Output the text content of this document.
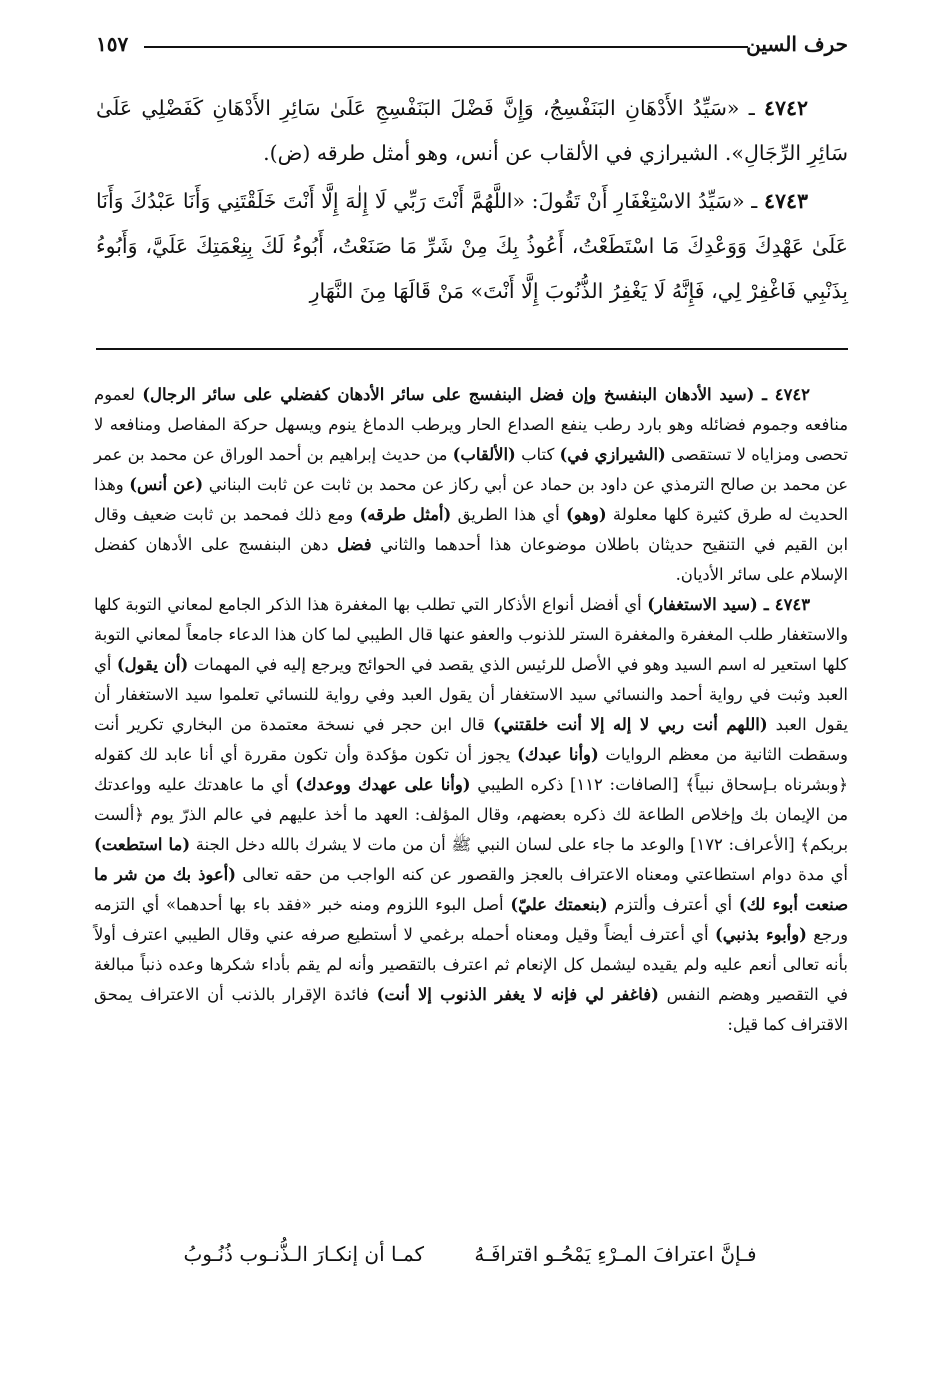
حرف السين
١٥٧

٤٧٤٢ ـ «سَيِّدُ الأَدْهَانِ البَنَفْسِجُ، وَإِنَّ فَضْلَ البَنَفْسِجِ عَلَىٰ سَائِرِ الأَدْهَانِ كَفَضْلِي عَلَىٰ سَائِرِ الرِّجَالِ». الشيرازي في الألقاب عن أنس، وهو أمثل طرقه (ض).

٤٧٤٣ ـ «سَيِّدُ الاسْتِغْفَارِ أَنْ تَقُولَ: «اللَّهُمَّ أَنْتَ رَبِّي لَا إِلٰهَ إِلَّا أَنْتَ خَلَقْتَنِي وَأَنَا عَبْدُكَ وَأَنَا عَلَىٰ عَهْدِكَ وَوَعْدِكَ مَا اسْتَطَعْتُ، أَعُوذُ بِكَ مِنْ شَرِّ مَا صَنَعْتُ، أَبُوءُ لَكَ بِنِعْمَتِكَ عَلَيَّ، وَأَبُوءُ بِذَنْبِي فَاغْفِرْ لِي، فَإِنَّهُ لَا يَغْفِرُ الذُّنُوبَ إِلَّا أَنْتَ» مَنْ قَالَهَا مِنَ النَّهَارِ

٤٧٤٢ ـ (سيد الأدهان البنفسخ وإن فضل البنفسج على سائر الأدهان كفضلي على سائر الرجال) لعموم منافعه وجموم فضائله وهو بارد رطب ينفع الصداع الحار ويرطب الدماغ ينوم ويسهل حركة المفاصل ومنافعه لا تحصى ومزاياه لا تستقصى (الشيرازي في) كتاب (الألقاب) من حديث إبراهيم بن أحمد الوراق عن محمد بن عمر عن محمد بن صالح الترمذي عن داود بن حماد عن أبي ركاز عن محمد بن ثابت عن ثابت البناني (عن أنس) وهذا الحديث له طرق كثيرة كلها معلولة (وهو) أي هذا الطريق (أمثل طرقه) ومع ذلك فمحمد بن ثابت ضعيف وقال ابن القيم في التنقيح حديثان باطلان موضوعان هذا أحدهما والثاني فضل دهن البنفسج على الأدهان كفضل الإسلام على سائر الأديان.

٤٧٤٣ ـ (سيد الاستغفار) أي أفضل أنواع الأذكار التي تطلب بها المغفرة هذا الذكر الجامع لمعاني التوبة كلها والاستغفار طلب المغفرة والمغفرة الستر للذنوب والعفو عنها قال الطيبي لما كان هذا الدعاء جامعاً لمعاني التوبة كلها استعير له اسم السيد وهو في الأصل للرئيس الذي يقصد في الحوائج ويرجع إليه في المهمات (أن يقول) أي العبد وثبت في رواية أحمد والنسائي سيد الاستغفار أن يقول العبد وفي رواية للنسائي تعلموا سيد الاستغفار أن يقول العبد (اللهم أنت ربي لا إله إلا أنت خلقتني) قال ابن حجر في نسخة معتمدة من البخاري تكرير أنت وسقطت الثانية من معظم الروايات (وأنا عبدك) يجوز أن تكون مؤكدة وأن تكون مقررة أي أنا عابد لك كقوله ﴿وبشرناه بـإسحاق نبياً﴾ [الصافات: ١١٢] ذكره الطيبي (وأنا على عهدك ووعدك) أي ما عاهدتك عليه وواعدتك من الإيمان بك وإخلاص الطاعة لك ذكره بعضهم، وقال المؤلف: العهد ما أخذ عليهم في عالم الذرّ يوم ﴿ألست بربكم﴾ [الأعراف: ١٧٢] والوعد ما جاء على لسان النبي ﷺ أن من مات لا يشرك بالله دخل الجنة (ما استطعت) أي مدة دوام استطاعتي ومعناه الاعتراف بالعجز والقصور عن كنه الواجب من حقه تعالى (أعوذ بك من شر ما صنعت أبوء لك) أي أعترف وألتزم (بنعمتك عليّ) أصل البوء اللزوم ومنه خبر «فقد باء بها أحدهما» أي التزمه ورجع (وأبوء بذنبي) أي أعترف أيضاً وقيل ومعناه أحمله برغمي لا أستطيع صرفه عني وقال الطيبي اعترف أولاً بأنه تعالى أنعم عليه ولم يقيده ليشمل كل الإنعام ثم اعترف بالتقصير وأنه لم يقم بأداء شكرها وعده ذنباً مبالغة في التقصير وهضم النفس (فاغفر لي فإنه لا يغفر الذنوب إلا أنت) فائدة الإقرار بالذنب أن الاعتراف يمحق الاقتراف كما قيل:

فـإنَّ اعترافَ المـرْءِ يَمْحُـو اقترافَـهُ كمـا أن إنكـارَ الـذُّنـوب ذُنُـوبُ
